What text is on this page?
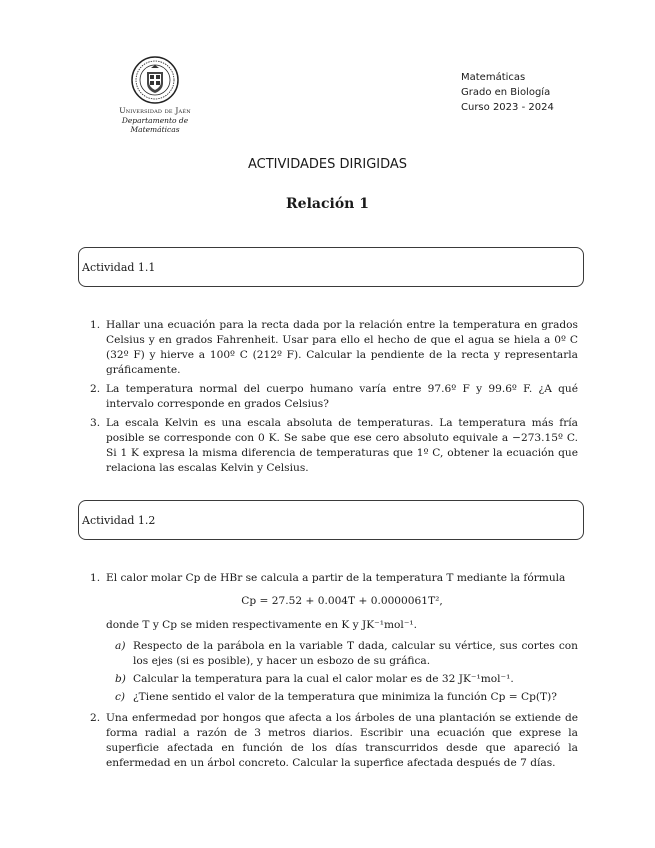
Universidad de Jaén
Departamento de Matemáticas
Matemáticas
Grado en Biología
Curso 2023 - 2024
ACTIVIDADES DIRIGIDAS
Relación 1
Actividad 1.1
1. Hallar una ecuación para la recta dada por la relación entre la temperatura en grados Celsius y en grados Fahrenheit. Usar para ello el hecho de que el agua se hiela a 0º C (32º F) y hierve a 100º C (212º F). Calcular la pendiente de la recta y representarla gráficamente.
2. La temperatura normal del cuerpo humano varía entre 97.6º F y 99.6º F. ¿A qué intervalo corresponde en grados Celsius?
3. La escala Kelvin es una escala absoluta de temperaturas. La temperatura más fría posible se corresponde con 0 K. Se sabe que ese cero absoluto equivale a −273.15º C. Si 1 K expresa la misma diferencia de temperaturas que 1º C, obtener la ecuación que relaciona las escalas Kelvin y Celsius.
Actividad 1.2
1. El calor molar Cp de HBr se calcula a partir de la temperatura T mediante la fórmula
Cp = 27.52 + 0.004T + 0.0000061T²,
donde T y Cp se miden respectivamente en K y JK⁻¹mol⁻¹.
a) Respecto de la parábola en la variable T dada, calcular su vértice, sus cortes con los ejes (si es posible), y hacer un esbozo de su gráfica.
b) Calcular la temperatura para la cual el calor molar es de 32 JK⁻¹mol⁻¹.
c) ¿Tiene sentido el valor de la temperatura que minimiza la función Cp = Cp(T)?
2. Una enfermedad por hongos que afecta a los árboles de una plantación se extiende de forma radial a razón de 3 metros diarios. Escribir una ecuación que exprese la superficie afectada en función de los días transcurridos desde que apareció la enfermedad en un árbol concreto. Calcular la superfice afectada después de 7 días.
